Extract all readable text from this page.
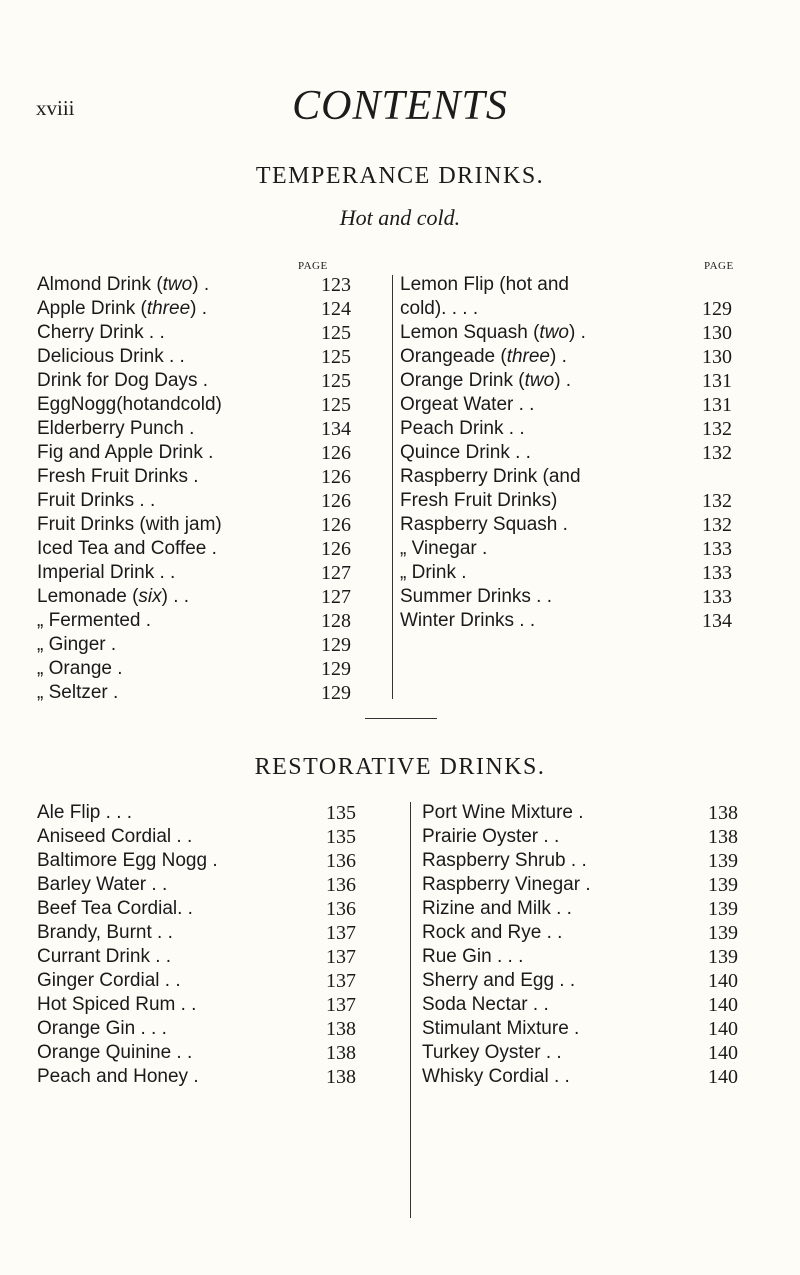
xviii	CONTENTS
TEMPERANCE DRINKS.
Hot and cold.
PAGE	PAGE
Almond Drink (two) .	123
Apple Drink (three) .	124
Cherry Drink . .	125
Delicious Drink . .	125
Drink for Dog Days .	125
EggNogg(hotandcold)	125
Elderberry Punch .	134
Fig and Apple Drink .	126
Fresh Fruit Drinks .	126
Fruit Drinks . .	126
Fruit Drinks (with jam)	126
Iced Tea and Coffee .	126
Imperial Drink . .	127
Lemonade (six) . .	127
„ Fermented .	128
„ Ginger .	129
„ Orange .	129
„ Seltzer .	129
Lemon Flip (hot and
cold). . . .	129
Lemon Squash (two) .	130
Orangeade (three) .	130
Orange Drink (two) .	131
Orgeat Water . .	131
Peach Drink . .	132
Quince Drink . .	132
Raspberry Drink (and
Fresh Fruit Drinks)	132
Raspberry Squash .	132
„ Vinegar .	133
„ Drink .	133
Summer Drinks . .	133
Winter Drinks . .	134
RESTORATIVE DRINKS.
Ale Flip . . .	135
Aniseed Cordial . .	135
Baltimore Egg Nogg .	136
Barley Water . .	136
Beef Tea Cordial. .	136
Brandy, Burnt . .	137
Currant Drink . .	137
Ginger Cordial . .	137
Hot Spiced Rum . .	137
Orange Gin . . .	138
Orange Quinine . .	138
Peach and Honey .	138
Port Wine Mixture .	138
Prairie Oyster . .	138
Raspberry Shrub . .	139
Raspberry Vinegar .	139
Rizine and Milk . .	139
Rock and Rye . .	139
Rue Gin . . .	139
Sherry and Egg . .	140
Soda Nectar . .	140
Stimulant Mixture .	140
Turkey Oyster . .	140
Whisky Cordial . .	140
